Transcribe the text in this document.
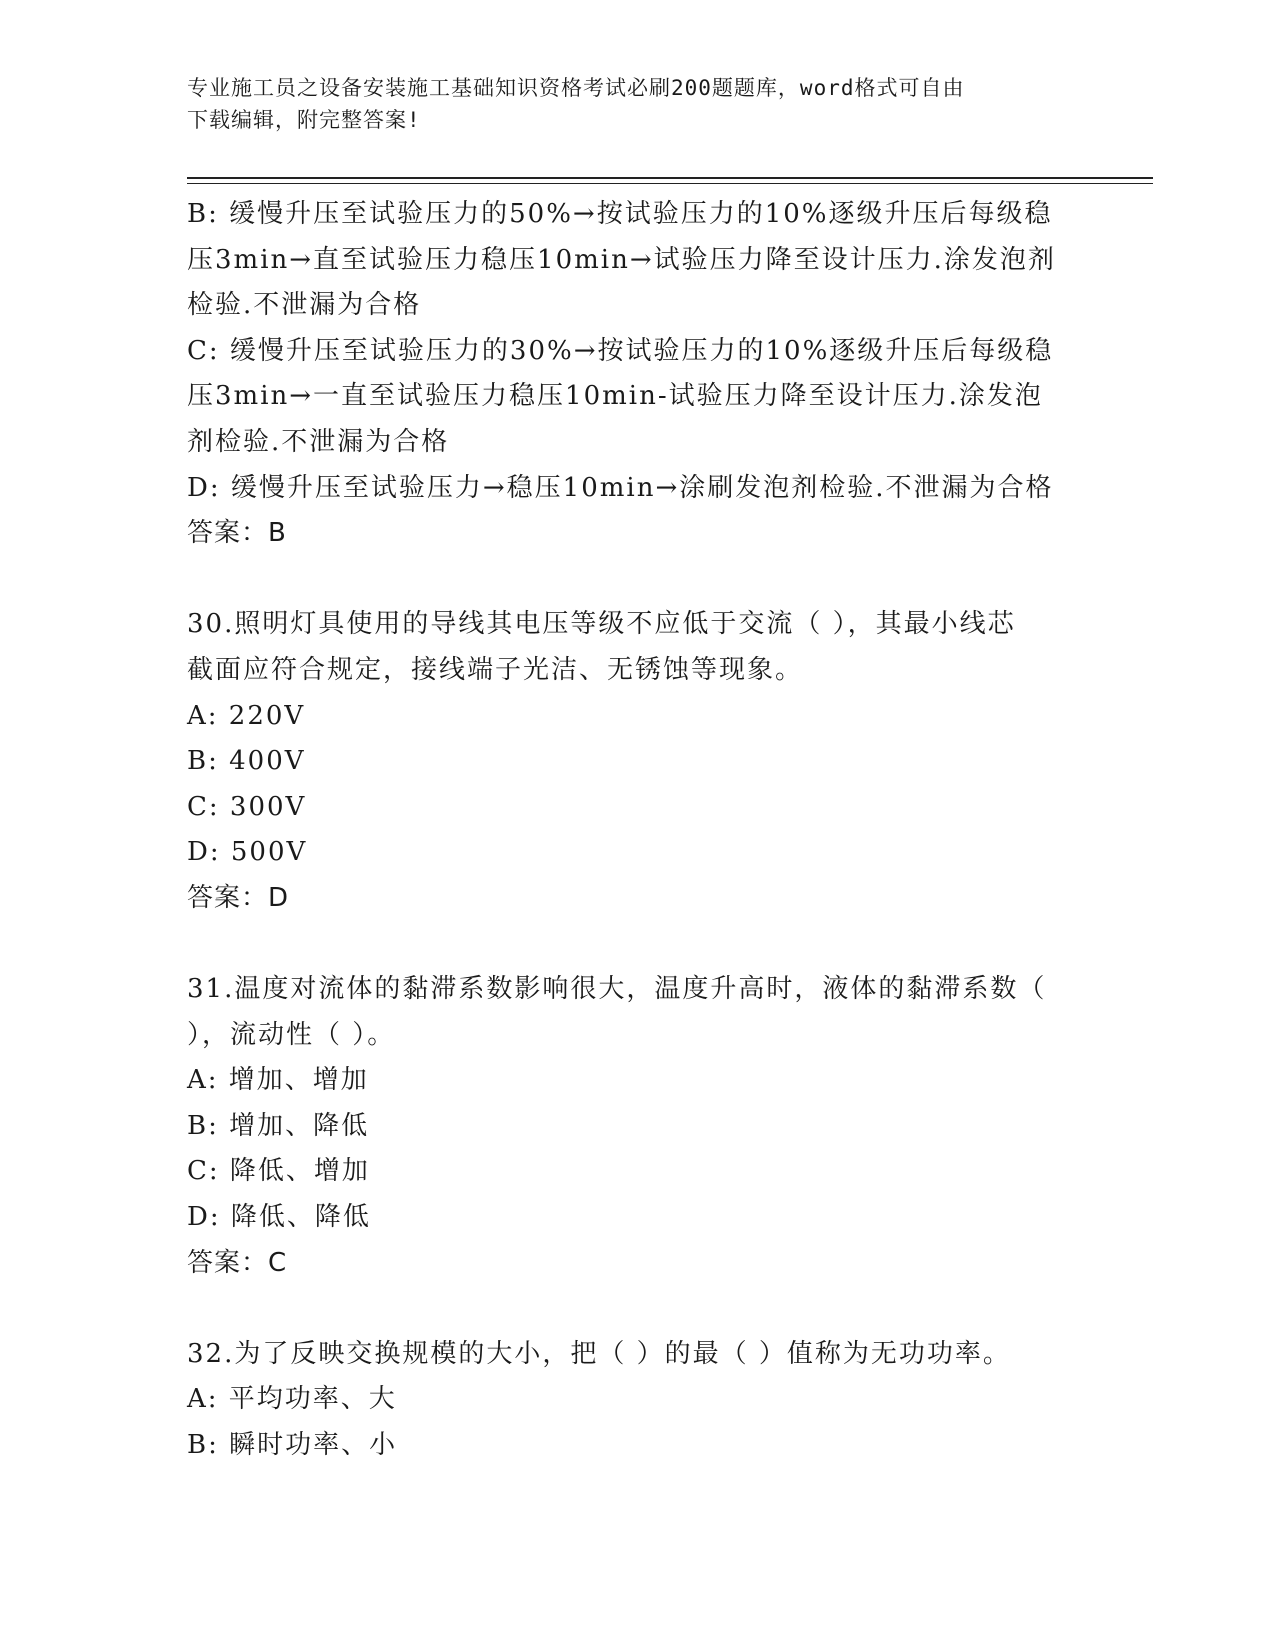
专业施工员之设备安装施工基础知识资格考试必刷200题题库，word格式可自由
下载编辑，附完整答案!
B: 缓慢升压至试验压力的50%→按试验压力的10%逐级升压后每级稳
压3min→直至试验压力稳压10min→试验压力降至设计压力.涂发泡剂
检验.不泄漏为合格
C: 缓慢升压至试验压力的30%→按试验压力的10%逐级升压后每级稳
压3min→一直至试验压力稳压10min-试验压力降至设计压力.涂发泡
剂检验.不泄漏为合格
D: 缓慢升压至试验压力→稳压10min→涂刷发泡剂检验.不泄漏为合格
答案：B
30.照明灯具使用的导线其电压等级不应低于交流（ ），其最小线芯
截面应符合规定，接线端子光洁、无锈蚀等现象。
A: 220V
B: 400V
C: 300V
D: 500V
答案：D
31.温度对流体的黏滞系数影响很大，温度升高时，液体的黏滞系数（
），流动性（ ）。
A: 增加、增加
B: 增加、降低
C: 降低、增加
D: 降低、降低
答案：C
32.为了反映交换规模的大小，把（ ）的最（ ）值称为无功功率。
A: 平均功率、大
B: 瞬时功率、小
